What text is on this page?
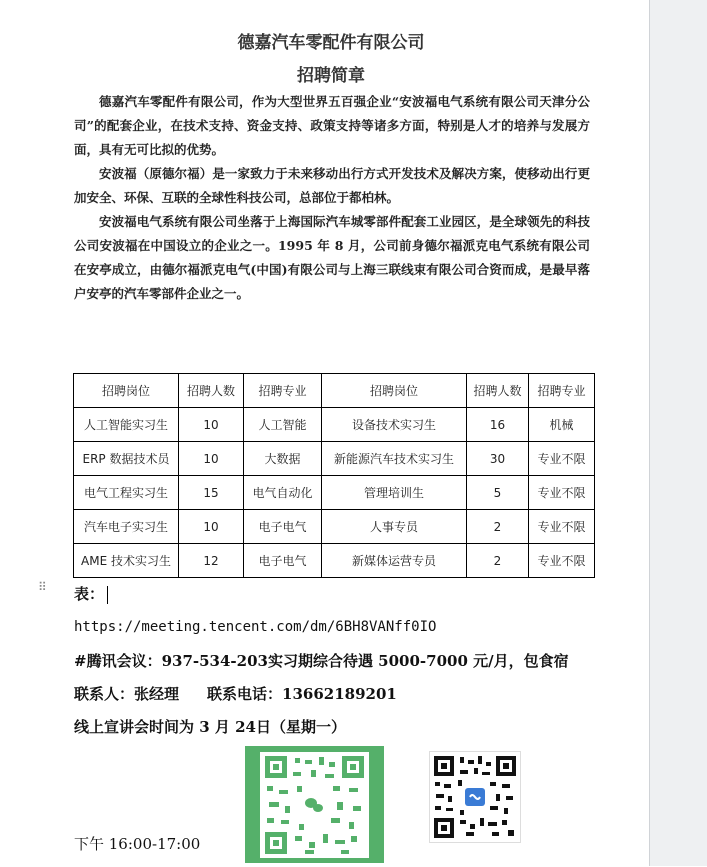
德嘉汽车零配件有限公司
招聘简章
德嘉汽车零配件有限公司，作为大型世界五百强企业“安波福电气系统有限公司天津分公司”的配套企业，在技术支持、资金支持、政策支持等诸多方面，特别是人才的培养与发展方面，具有无可比拟的优势。
安波福（原德尔福）是一家致力于未来移动出行方式开发技术及解决方案，使移动出行更加安全、环保、互联的全球性科技公司，总部位于都柏林。
安波福电气系统有限公司坐落于上海国际汽车城零部件配套工业园区，是全球领先的科技公司安波福在中国设立的企业之一。1995 年 8 月，公司前身德尔福派克电气系统有限公司在安亭成立，由德尔福派克电气(中国)有限公司与上海三联线束有限公司合资而成，是最早落户安亭的汽车零部件企业之一。
招聘岗位	招聘人数	招聘专业	招聘岗位	招聘人数	招聘专业
人工智能实习生	10	人工智能	设备技术实习生	16	机械
ERP 数据技术员	10	大数据	新能源汽车技术实习生	30	专业不限
电气工程实习生	15	电气自动化	管理培训生	5	专业不限
汽车电子实习生	10	电子电气	人事专员	2	专业不限
AME 技术实习生	12	电子电气	新媒体运营专员	2	专业不限
⠿ 表：
https://meeting.tencent.com/dm/6BH8VANff0IO
#腾讯会议：937-534-203实习期综合待遇 5000-7000 元/月，包食宿
联系人：张经理 联系电话：13662189201
线上宣讲会时间为 3 月 24日（星期一）
下午 16:00-17:00
